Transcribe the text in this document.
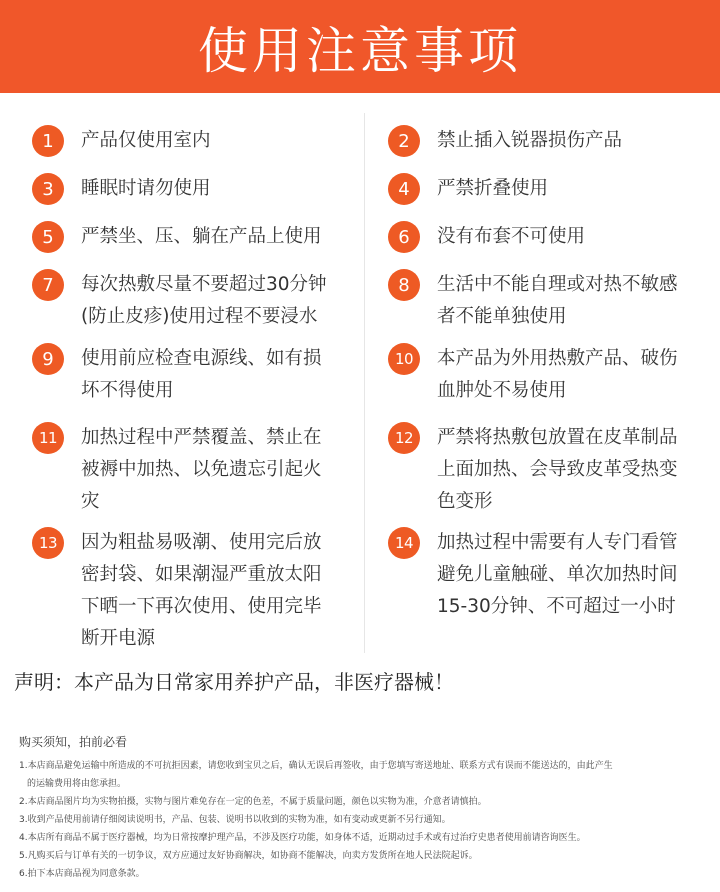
使用注意事项
1	产品仅使用室内	2	禁止插入锐器损伤产品
3	睡眠时请勿使用	4	严禁折叠使用
5	严禁坐、压、躺在产品上使用	6	没有布套不可使用
7	每次热敷尽量不要超过30分钟
(防止皮疹)使用过程不要浸水
8	生活中不能自理或对热不敏感
者不能单独使用
9	使用前应检查电源线、如有损
坏不得使用
10	本产品为外用热敷产品、破伤
血肿处不易使用
11	加热过程中严禁覆盖、禁止在
被褥中加热、以免遗忘引起火
灾
12	严禁将热敷包放置在皮革制品
上面加热、会导致皮革受热变
色变形
13	因为粗盐易吸潮、使用完后放
密封袋、如果潮湿严重放太阳
下晒一下再次使用、使用完毕
断开电源
14	加热过程中需要有人专门看管
避免儿童触碰、单次加热时间
15-30分钟、不可超过一小时
声明：本产品为日常家用养护产品，非医疗器械！
购买须知，拍前必看
1.本店商品避免运输中所造成的不可抗拒因素，请您收到宝贝之后，确认无误后再签收，由于您填写寄送地址、联系方式有误而不能送达的，由此产生
的运输费用将由您承担。
2.本店商品图片均为实物拍摄，实物与图片难免存在一定的色差，不属于质量问题，颜色以实物为准，介意者请慎拍。
3.收到产品使用前请仔细阅读说明书，产品、包装、说明书以收到的实物为准，如有变动或更新不另行通知。
4.本店所有商品不属于医疗器械，均为日常按摩护理产品，不涉及医疗功能，如身体不适，近期动过手术或有过治疗史患者使用前请咨询医生。
5.凡购买后与订单有关的一切争议，双方应通过友好协商解决，如协商不能解决，向卖方发货所在地人民法院起诉。
6.拍下本店商品视为同意条款。
